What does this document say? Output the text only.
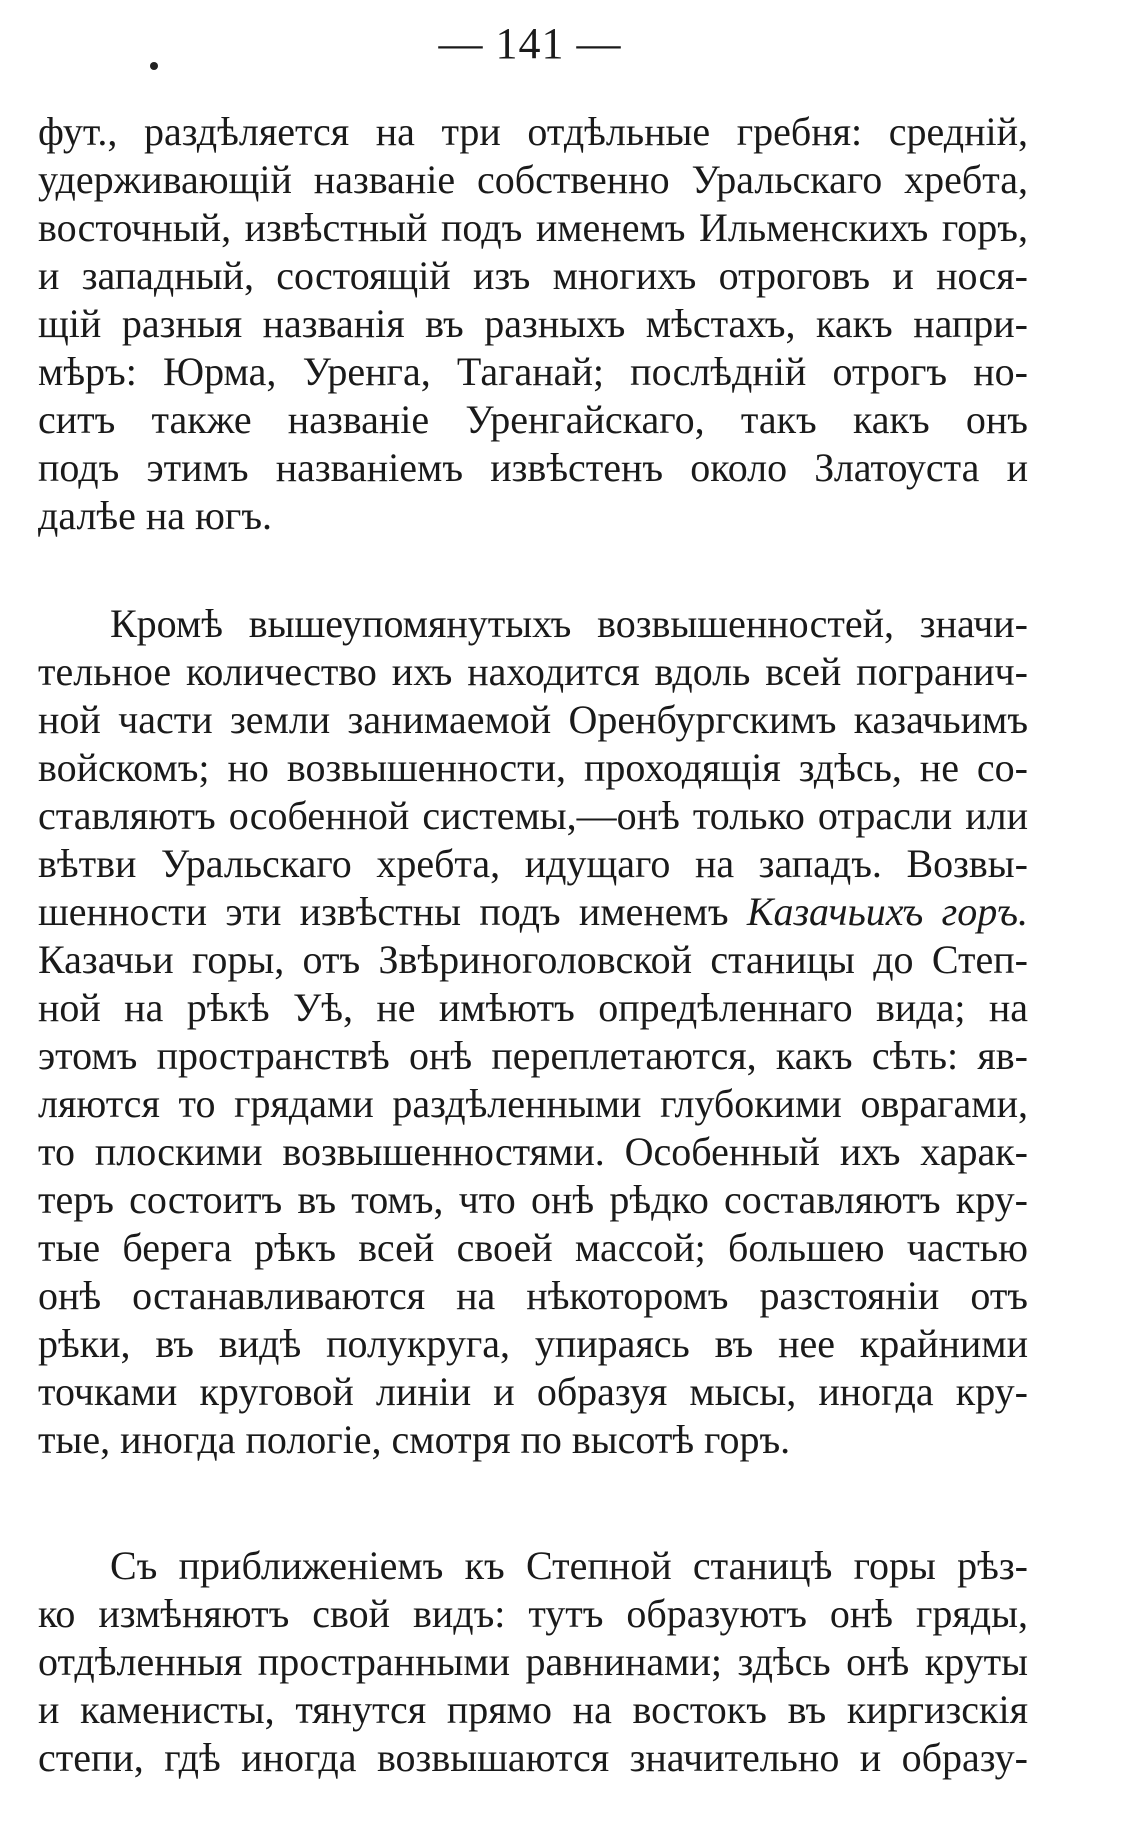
— 141 —
фут., раздѣляется на три отдѣльные гребня: среднiй,
удерживающiй названiе собственно Уральскаго хребта,
восточный, извѣстный подъ именемъ Ильменскихъ горъ,
и западный, состоящiй изъ многихъ отроговъ и нося-
щiй разныя названiя въ разныхъ мѣстахъ, какъ напри-
мѣръ: Юрма, Уренга, Таганай; послѣднiй отрогъ но-
ситъ также названiе Уренгайскаго, такъ какъ онъ
подъ этимъ названiемъ извѣстенъ около Златоуста и
далѣе на югъ.
Кромѣ вышеупомянутыхъ возвышенностей, значи-
тельное количество ихъ находится вдоль всей погранич-
ной части земли занимаемой Оренбургскимъ казачьимъ
войскомъ; но возвышенности, проходящiя здѣсь, не со-
ставляютъ особенной системы,—онѣ только отрасли или
вѣтви Уральскаго хребта, идущаго на западъ. Возвы-
шенности эти извѣстны подъ именемъ Казачьихъ горъ.
Казачьи горы, отъ Звѣриноголовской станицы до Степ-
ной на рѣкѣ Уѣ, не имѣютъ опредѣленнаго вида; на
этомъ пространствѣ онѣ переплетаются, какъ сѣть: яв-
ляются то грядами раздѣленными глубокими оврагами,
то плоскими возвышенностями. Особенный ихъ харак-
теръ состоитъ въ томъ, что онѣ рѣдко составляютъ кру-
тые берега рѣкъ всей своей массой; большею частью
онѣ останавливаются на нѣкоторомъ разстоянiи отъ
рѣки, въ видѣ полукруга, упираясь въ нее крайними
точками круговой линiи и образуя мысы, иногда кру-
тые, иногда пологiе, смотря по высотѣ горъ.
Съ приближенiемъ къ Степной станицѣ горы рѣз-
ко измѣняютъ свой видъ: тутъ образуютъ онѣ гряды,
отдѣленныя пространными равнинами; здѣсь онѣ круты
и каменисты, тянутся прямо на востокъ въ киргизскiя
степи, гдѣ иногда возвышаются значительно и образу-
